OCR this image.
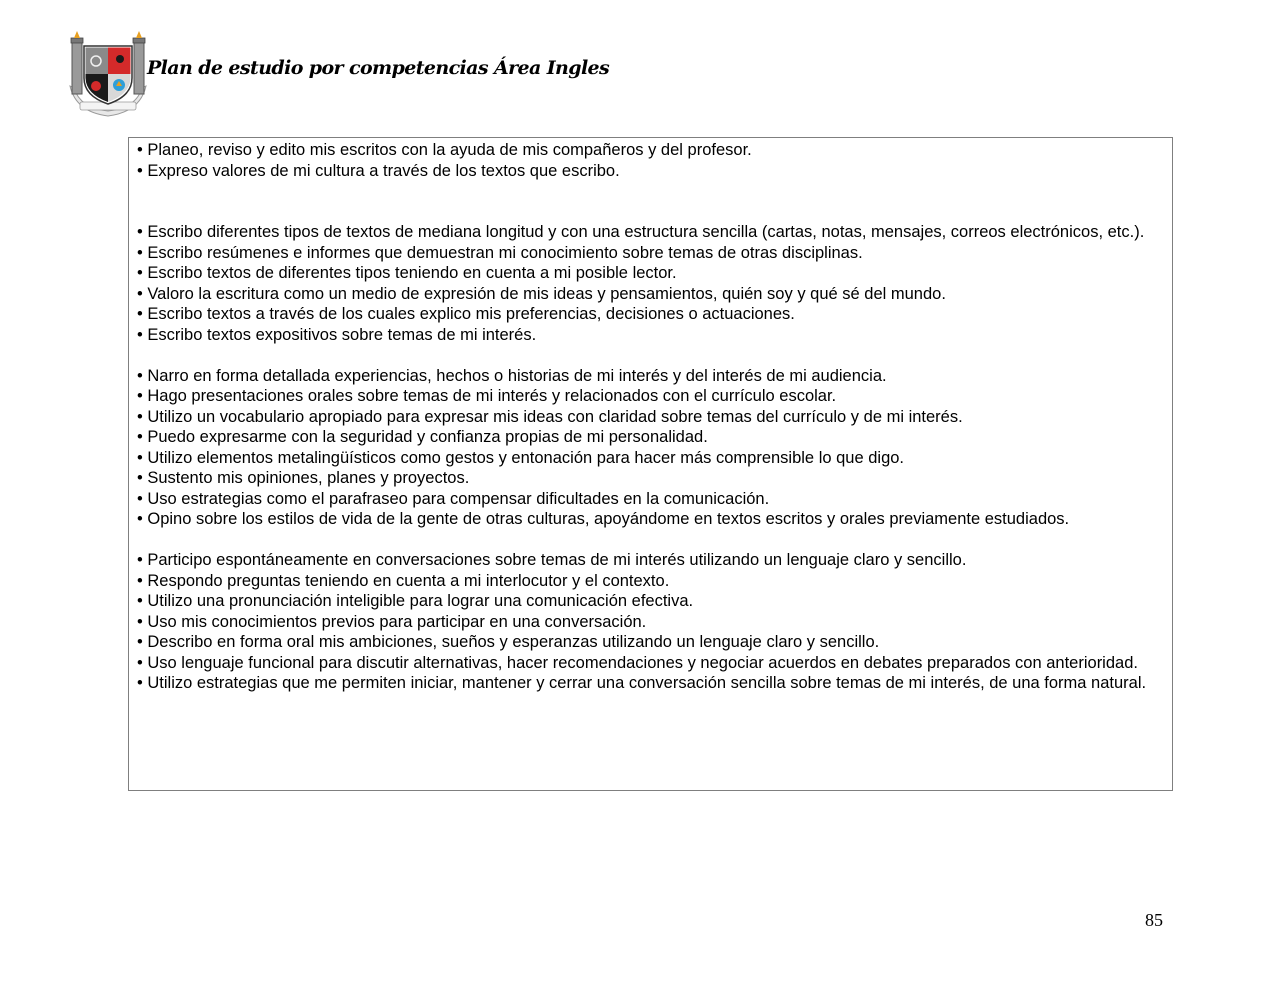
Plan de estudio por competencias Área Ingles

• Planeo, reviso y edito mis escritos con la ayuda de mis compañeros y del profesor.

• Expreso valores de mi cultura a través de los textos que escribo.

• Escribo diferentes tipos de textos de mediana longitud y con una estructura sencilla (cartas, notas, mensajes, correos electrónicos, etc.).

• Escribo resúmenes e informes que demuestran mi conocimiento sobre temas de otras disciplinas.

• Escribo textos de diferentes tipos teniendo en cuenta a mi posible lector.

• Valoro la escritura como un medio de expresión de mis ideas y pensamientos, quién soy y qué sé del mundo.

• Escribo textos a través de los cuales explico mis preferencias, decisiones o actuaciones.

• Escribo textos expositivos sobre temas de mi interés.

• Narro en forma detallada experiencias, hechos o historias de mi interés y del interés de mi audiencia.

• Hago presentaciones orales sobre temas de mi interés y relacionados con el currículo escolar.

• Utilizo un vocabulario apropiado para expresar mis ideas con claridad sobre temas del currículo y de mi interés.

• Puedo expresarme con la seguridad y confianza propias de mi personalidad.

• Utilizo elementos metalingüísticos como gestos y entonación para hacer más comprensible lo que digo.

• Sustento mis opiniones, planes y proyectos.

• Uso estrategias como el parafraseo para compensar dificultades en la comunicación.

• Opino sobre los estilos de vida de la gente de otras culturas, apoyándome en textos escritos y orales previamente estudiados.

• Participo espontáneamente en conversaciones sobre temas de mi interés utilizando un lenguaje claro y sencillo.

• Respondo preguntas teniendo en cuenta a mi interlocutor y el contexto.

• Utilizo una pronunciación inteligible para lograr una comunicación efectiva.

• Uso mis conocimientos previos para participar en una conversación.

• Describo en forma oral mis ambiciones, sueños y esperanzas utilizando un lenguaje claro y sencillo.

• Uso lenguaje funcional para discutir alternativas, hacer recomendaciones y negociar acuerdos en debates preparados con anterioridad.

• Utilizo estrategias que me permiten iniciar, mantener y cerrar una conversación sencilla sobre temas de mi interés, de una forma natural.

85
